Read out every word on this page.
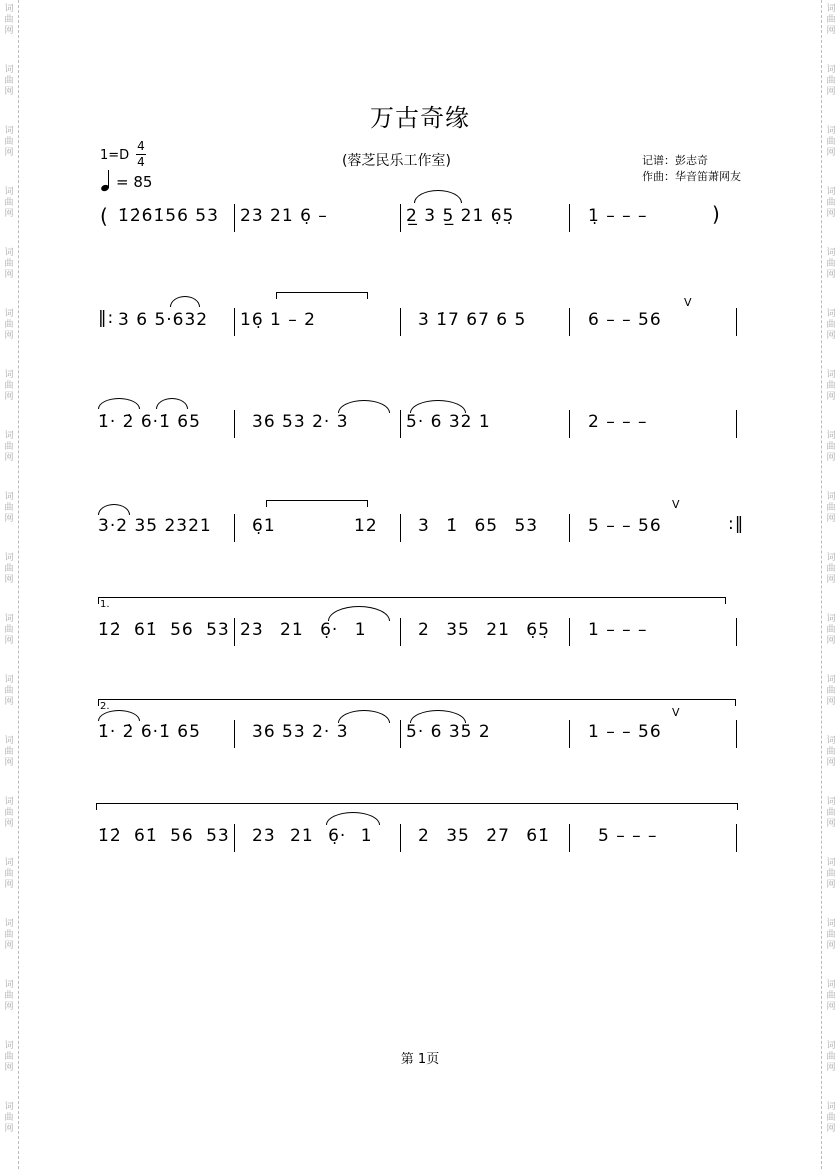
词
曲
网
词
曲
网
词
曲
网
词
曲
网
词
曲
网
词
曲
网
词
曲
网
词
曲
网
词
曲
网
词
曲
网
词
曲
网
词
曲
网
词
曲
网
词
曲
网
词
曲
网
词
曲
网
词
曲
网
词
曲
网
词
曲
网
词
曲
网
词
曲
网
词
曲
网
词
曲
网
词
曲
网
词
曲
网
词
曲
网
词
曲
网
词
曲
网
词
曲
网
词
曲
网
词
曲
网
词
曲
网
词
曲
网
词
曲
网
词
曲
网
词
曲
网
词
曲
网
词
曲
网
万古奇缘
1=D
4
4
= 85
(蓉芝民乐工作室)	记谱：彭志奇
作曲：华音笛萧网友
( 1̇2̇6̇1̇56 53 23 21 6̣ –	2̲ 3 5̲ 21 6̣5̣	1̣ – – –	)
‖: 3 6 5·632 16̣ 1 – 2	3 1̇7 67 6 5
V
6 – – 56
1̇· 2̇ 6·1̇ 65	36 53 2· 3	5· 6 32 1	2 – – –
3·2 35 2321 6̣1 12 3 1̇ 65 53
V
5 – – 56	:‖
1.
1̇2̇ 61̇ 56 53 23 21 6̣· 1	2 35 21 6̣5̣ 1 – – –
2.
1̇· 2̇ 6·1̇ 65	36 53 2· 3	5· 6 35 2
V
1 – – 56
1̇2̇ 61̇ 56 53 23 21 6̣· 1	2 35 2̇7 61̇	5 – – –
第 1页
